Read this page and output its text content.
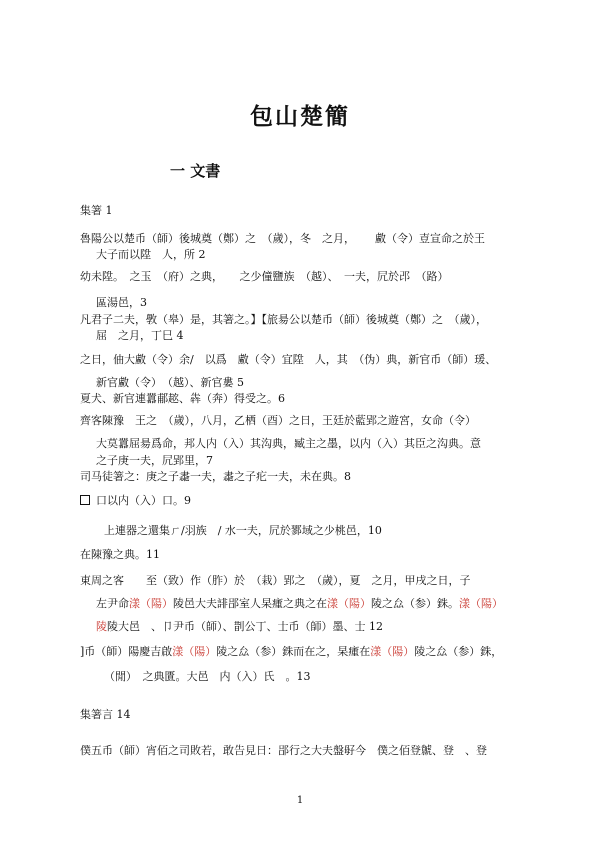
包山楚簡
一 文書
集箸 1
魯陽公以楚币（師）後城奠（鄭）之　（歲），冬　之月，　　 䱷（令）壴宣命之於王
大子而以陞　人，所 2
幼未陞。　之玉　（府）之典，　　之少僮鹽族　（越）、　一夫，凥於邔　（路）
區湯邑，3
凡君子二夫，斆（皋）是，其箸之。】【旅昜公以楚币（師）後城奠（鄭）之　（歲），
屈　之月，丁巳 4
之日，伷大䱷（令）余/　以爲　䱷（令）宜陞　人，其　（伪）典，新官币（師）瑗、
新官䱷（令）　（越）、新官婁 5
夏犬、新官連囂郙趑、犇（奔）得受之。6
齊客陳豫　王之　（歲），八月，乙栖（酉）之日，王廷於藍郢之遊宮，女命（令）
大莫囂屈昜爲命，邦人内（入）其沟典，臧主之墨，以内（入）其臣之沟典。意
之子庚一夫，凥郢里，7
司马徒箸之：庚之子䏋一夫，䏋之子疕一夫，未在典。8
口以内（入）口。9
上連器之還集ㄏ/羽族　/ 水一夫，凥於鄝域之少桃邑，10
在陳豫之典。11
東周之客　　至（致）作（胙）於　（栽）郢之　（歲），夏　之月，甲戌之日，子
左尹命漾（陽）陵邑大夫誹郘室人杲瘇之典之在漾（陽）陵之厽（参）銖。漾（陽）
陵陵大邑　、卩尹币（師）、剒公丁、士币（師）墨、士 12
]币（師）陽慶吉啟漾（陽）陵之厽（参）銖而在之，杲瘇在漾（陽）陵之厽（参）銖，
（閒）　之典匱。大邑　内（入）氏　。13
集箸言 14
僕五币（師）宵佰之司敗若，敢告見日：郘行之大夫盤㝀今　僕之佰登虩、登　、登
1
